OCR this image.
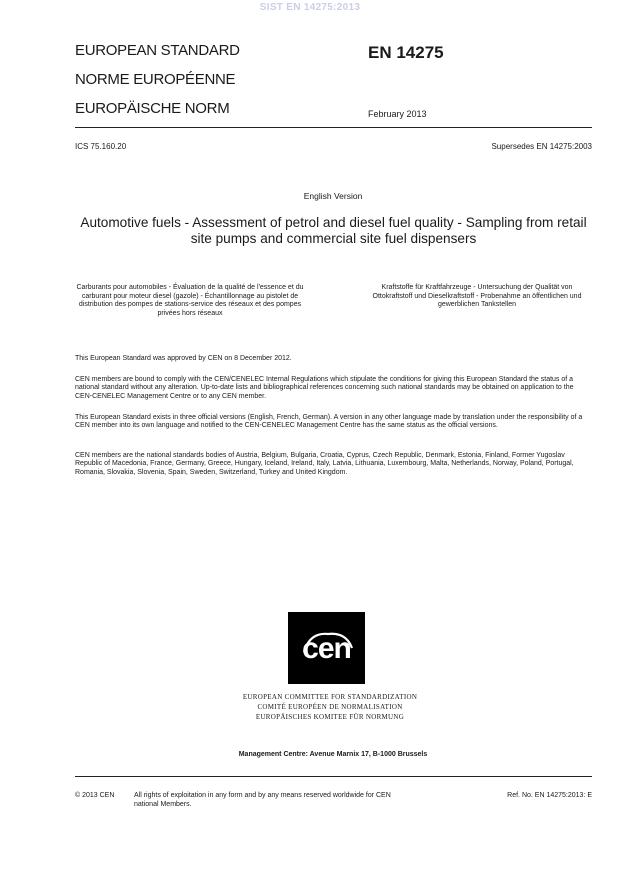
SIST EN 14275:2013
EUROPEAN STANDARD
NORME EUROPÉENNE
EUROPÄISCHE NORM
EN 14275
February 2013
ICS 75.160.20	Supersedes EN 14275:2003
English Version
Automotive fuels - Assessment of petrol and diesel fuel quality - Sampling from retail site pumps and commercial site fuel dispensers
Carburants pour automobiles - Évaluation de la qualité de l'essence et du carburant pour moteur diesel (gazole) - Échantillonnage au pistolet de distribution des pompes de stations-service des réseaux et des pompes privées hors réseaux
Kraftstoffe für Kraftfahrzeuge - Untersuchung der Qualität von Ottokraftstoff und Dieselkraftstoff - Probenahme an öffentlichen und gewerblichen Tankstellen

This European Standard was approved by CEN on 8 December 2012.

CEN members are bound to comply with the CEN/CENELEC Internal Regulations which stipulate the conditions for giving this European Standard the status of a national standard without any alteration. Up-to-date lists and bibliographical references concerning such national standards may be obtained on application to the CEN-CENELEC Management Centre or to any CEN member.

This European Standard exists in three official versions (English, French, German). A version in any other language made by translation under the responsibility of a CEN member into its own language and notified to the CEN-CENELEC Management Centre has the same status as the official versions.

CEN members are the national standards bodies of Austria, Belgium, Bulgaria, Croatia, Cyprus, Czech Republic, Denmark, Estonia, Finland, Former Yugoslav Republic of Macedonia, France, Germany, Greece, Hungary, Iceland, Ireland, Italy, Latvia, Lithuania, Luxembourg, Malta, Netherlands, Norway, Poland, Portugal, Romania, Slovakia, Slovenia, Spain, Sweden, Switzerland, Turkey and United Kingdom.

cen
EUROPEAN COMMITTEE FOR STANDARDIZATION
COMITÉ EUROPÉEN DE NORMALISATION
EUROPÄISCHES KOMITEE FÜR NORMUNG
Management Centre: Avenue Marnix 17, B-1000 Brussels
© 2013 CEN	All rights of exploitation in any form and by any means reserved worldwide for CEN national Members.
Ref. No. EN 14275:2013: E
